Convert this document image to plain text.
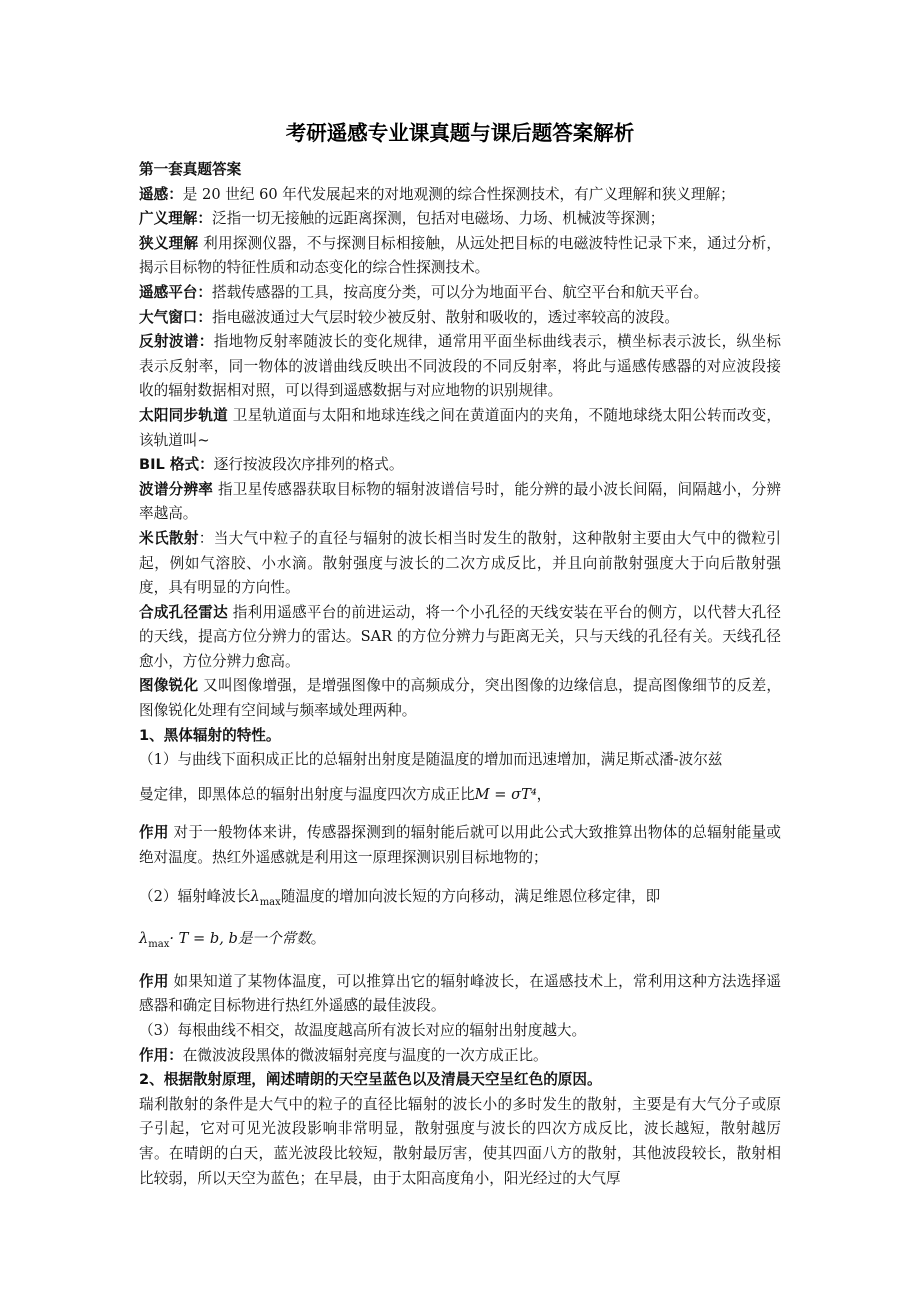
考研遥感专业课真题与课后题答案解析

第一套真题答案

遥感：是 20 世纪 60 年代发展起来的对地观测的综合性探测技术，有广义理解和狭义理解；

广义理解：泛指一切无接触的远距离探测，包括对电磁场、力场、机械波等探测；

狭义理解 利用探测仪器，不与探测目标相接触，从远处把目标的电磁波特性记录下来，通过分析，揭示目标物的特征性质和动态变化的综合性探测技术。

遥感平台：搭载传感器的工具，按高度分类，可以分为地面平台、航空平台和航天平台。

大气窗口：指电磁波通过大气层时较少被反射、散射和吸收的，透过率较高的波段。

反射波谱：指地物反射率随波长的变化规律，通常用平面坐标曲线表示，横坐标表示波长，纵坐标表示反射率，同一物体的波谱曲线反映出不同波段的不同反射率，将此与遥感传感器的对应波段接收的辐射数据相对照，可以得到遥感数据与对应地物的识别规律。

太阳同步轨道 卫星轨道面与太阳和地球连线之间在黄道面内的夹角，不随地球绕太阳公转而改变，该轨道叫~

BIL 格式：逐行按波段次序排列的格式。

波谱分辨率 指卫星传感器获取目标物的辐射波谱信号时，能分辨的最小波长间隔，间隔越小，分辨率越高。

米氏散射：当大气中粒子的直径与辐射的波长相当时发生的散射，这种散射主要由大气中的微粒引起，例如气溶胶、小水滴。散射强度与波长的二次方成反比，并且向前散射强度大于向后散射强度，具有明显的方向性。

合成孔径雷达 指利用遥感平台的前进运动，将一个小孔径的天线安装在平台的侧方，以代替大孔径的天线，提高方位分辨力的雷达。SAR 的方位分辨力与距离无关，只与天线的孔径有关。天线孔径愈小，方位分辨力愈高。

图像锐化 又叫图像增强，是增强图像中的高频成分，突出图像的边缘信息，提高图像细节的反差，图像锐化处理有空间域与频率域处理两种。

1、黑体辐射的特性。

（1）与曲线下面积成正比的总辐射出射度是随温度的增加而迅速增加，满足斯忒潘-波尔兹

曼定律，即黑体总的辐射出射度与温度四次方成正比M = σT⁴，

作用 对于一般物体来讲，传感器探测到的辐射能后就可以用此公式大致推算出物体的总辐射能量或绝对温度。热红外遥感就是利用这一原理探测识别目标地物的；

（2）辐射峰波长$\lambda_{max}$随温度的增加向波长短的方向移动，满足维恩位移定律，即

$\lambda_{max}\cdot T = b$, b是一个常数。

作用 如果知道了某物体温度，可以推算出它的辐射峰波长，在遥感技术上，常利用这种方法选择遥感器和确定目标物进行热红外遥感的最佳波段。

（3）每根曲线不相交，故温度越高所有波长对应的辐射出射度越大。

作用：在微波波段黑体的微波辐射亮度与温度的一次方成正比。

2、根据散射原理，阐述晴朗的天空呈蓝色以及清晨天空呈红色的原因。

瑞利散射的条件是大气中的粒子的直径比辐射的波长小的多时发生的散射，主要是有大气分子或原子引起，它对可见光波段影响非常明显，散射强度与波长的四次方成反比，波长越短，散射越厉害。在晴朗的白天，蓝光波段比较短，散射最厉害，使其四面八方的散射，其他波段较长，散射相比较弱，所以天空为蓝色；在早晨，由于太阳高度角小，阳光经过的大气厚
